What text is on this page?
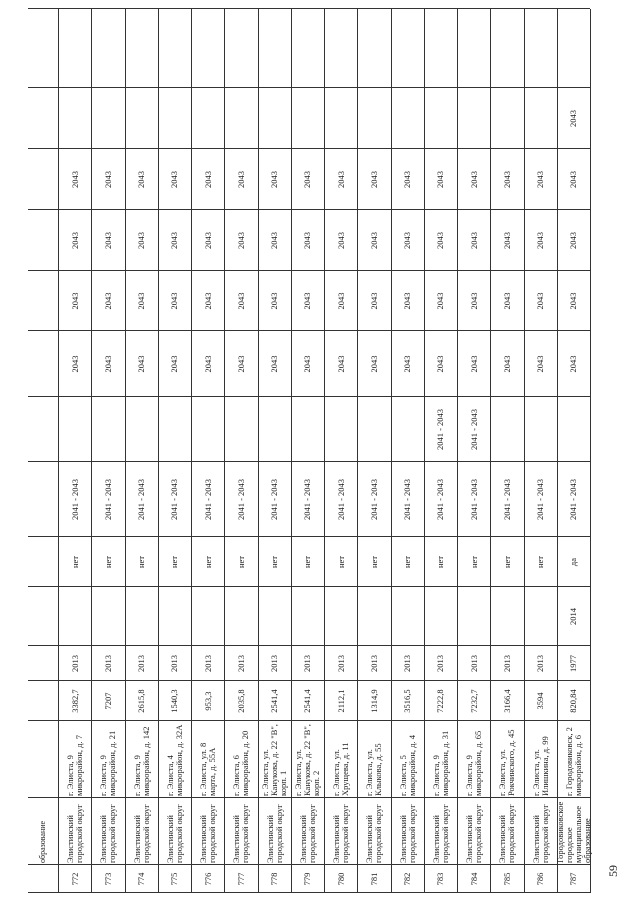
образование
772
Элистинский городской округ
г. Элиста, 9 микрорайон, д. 7
3382,7
2013
нет
2041 - 2043
2043
2043
2043
2043
773
Элистинский городской округ
г. Элиста, 9 микрорайон, д. 21
7207
2013
нет
2041 - 2043
2043
2043
2043
2043
774
Элистинский городской округ
г. Элиста, 9 микрорайон, д. 142
2615,8
2013
нет
2041 - 2043
2043
2043
2043
2043
775
Элистинский городской округ
г. Элиста, 4 микрорайон, д. 32А
1540,3
2013
нет
2041 - 2043
2043
2043
2043
2043
776
Элистинский городской округ
г. Элиста, ул. 8 марта, д. 55А
953,3
2013
нет
2041 - 2043
2043
2043
2043
2043
777
Элистинский городской округ
г. Элиста, 6 микрорайон, д. 20
2035,8
2013
нет
2041 - 2043
2043
2043
2043
2043
778
Элистинский городской округ
г. Элиста, ул. Канукова, д. 22 "В", корп. 1
2541,4
2013
нет
2041 - 2043
2043
2043
2043
2043
779
Элистинский городской округ
г. Элиста, ул. Канукова, д. 22 "В", корп. 2
2541,4
2013
нет
2041 - 2043
2043
2043
2043
2043
780
Элистинский городской округ
г. Элиста, ул. Хрущева, д. 11
2112,1
2013
нет
2041 - 2043
2043
2043
2043
2043
781
Элистинский городской округ
г. Элиста, ул. Клыкова, д. 55
1314,9
2013
нет
2041 - 2043
2043
2043
2043
2043
782
Элистинский городской округ
г. Элиста, 5 микрорайон, д. 4
3516,5
2013
нет
2041 - 2043
2043
2043
2043
2043
783
Элистинский городской округ
г. Элиста, 9 микрорайон, д. 31
7222,8
2013
нет
2041 - 2043
2041 - 2043
2043
2043
2043
2043
784
Элистинский городской округ
г. Элиста, 9 микрорайон, д. 65
7232,7
2013
нет
2041 - 2043
2041 - 2043
2043
2043
2043
2043
785
Элистинский городской округ
г. Элиста, ул. Рокчинского, д. 45
3166,4
2013
нет
2041 - 2043
2043
2043
2043
2043
786
Элистинский городской округ
г. Элиста, ул. Илишкина, д. 99
3594
2013
нет
2041 - 2043
2043
2043
2043
2043
787
Городовиковское городское муниципальное образование
г. Городовиковск, 2 микрорайон, д. 6
820,84
1977
2014
да
2041 - 2043
2043
2043
2043
2043
2043
59
